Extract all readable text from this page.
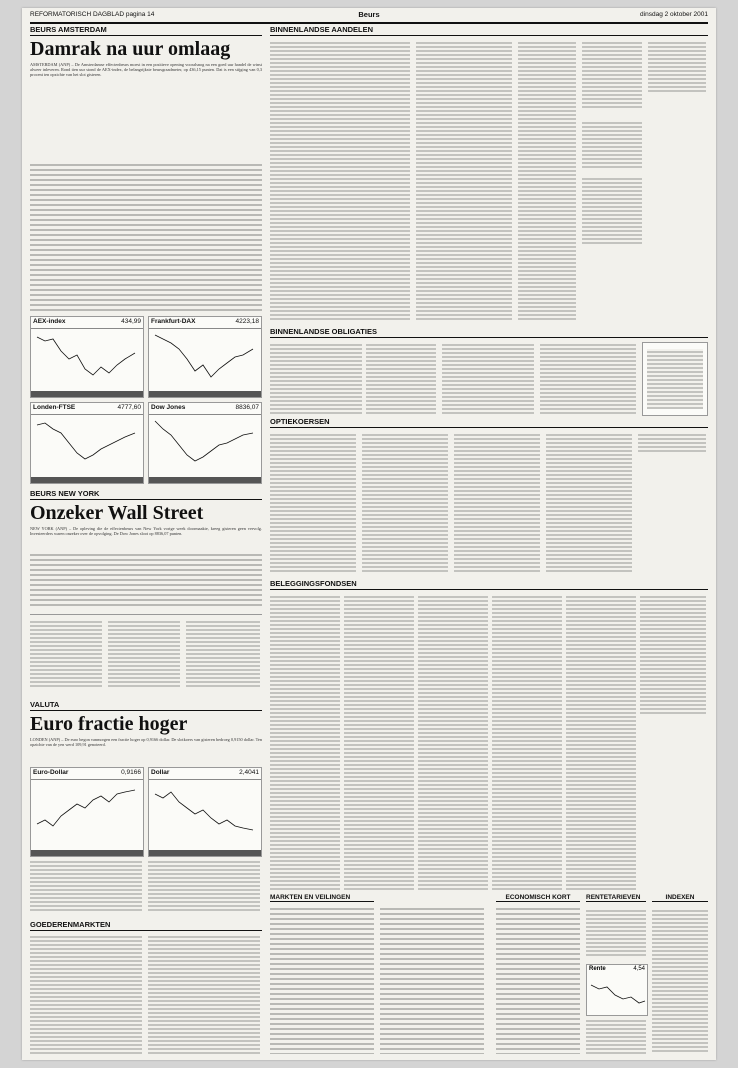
REFORMATORISCH DAGBLAD pagina 14	Beurs	dinsdag 2 oktober 2001
BEURS AMSTERDAM
Damrak na uur omlaag

AMSTERDAM (ANP) – De Amsterdamse effectenbeurs moest in een positieve opening vooralsnog na een goed uur handel de winst alweer inleveren. Rond tien uur stond de AEX-index, de belangrijkste beursgraadmeter, op 436,15 punten. Dat is een stijging van 0,3 procent ten opzichte van het slot gisteren.

AEX-index	434,99 Frankfurt-DAX	4223,18
Londen-FTSE	4777,60 Dow Jones	8836,07
BEURS NEW YORK
Onzeker Wall Street

NEW YORK (ANP) – De opleving die de effectenbeurs van New York vorige week doormaakte, kreeg gisteren geen vervolg. Investeerders waren onzeker over de opvolging. De Dow Jones sloot op 8836,07 punten.

VALUTA
Euro fractie hoger

LONDEN (ANP) – De euro begon vanmorgen een fractie hoger op 0,9166 dollar. De slotkoers van gisteren bedroeg 0,9150 dollar. Ten opzichte van de yen werd 109,91 genoteerd.

Euro-Dollar	0,9166 Dollar	2,4041
GOEDERENMARKTEN
BINNENLANDSE AANDELEN
BINNENLANDSE OBLIGATIES
OPTIEKOERSEN
BELEGGINGSFONDSEN
MARKTEN EN VEILINGEN	ECONOMISCH KORT	RENTETARIEVEN
Rente	4,54
INDEXEN
